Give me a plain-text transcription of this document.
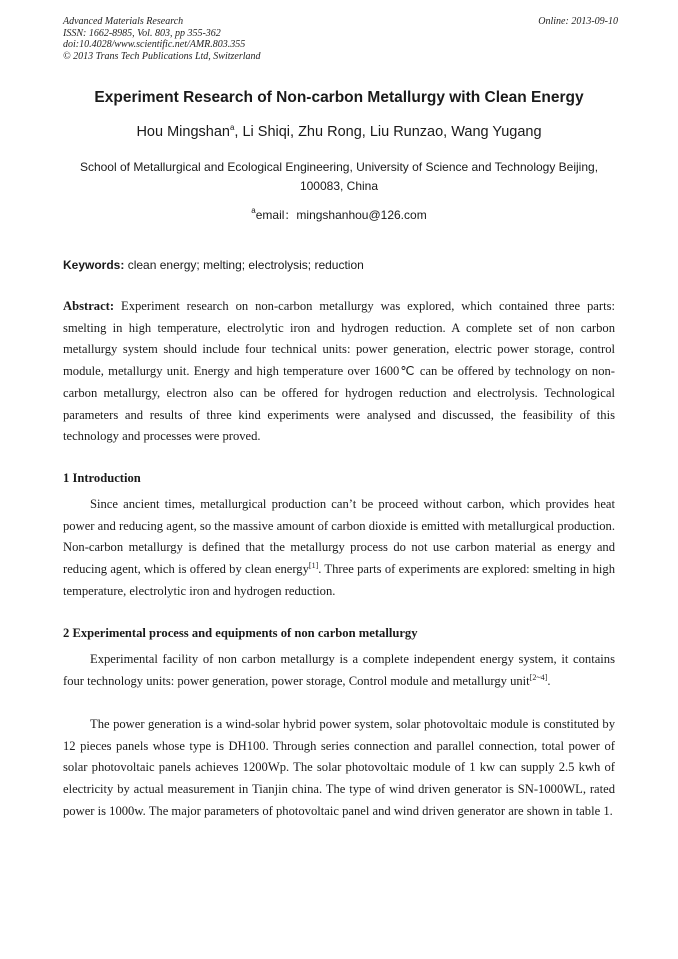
Advanced Materials Research
ISSN: 1662-8985, Vol. 803, pp 355-362
doi:10.4028/www.scientific.net/AMR.803.355
© 2013 Trans Tech Publications Ltd, Switzerland
Online: 2013-09-10
Experiment Research of Non-carbon Metallurgy with Clean Energy
Hou Mingshan$^a$, Li Shiqi, Zhu Rong, Liu Runzao, Wang Yugang
School of Metallurgical and Ecological Engineering, University of Science and Technology Beijing, 100083, China
$^a$email：mingshanhou@126.com
Keywords: clean energy; melting; electrolysis; reduction
Abstract: Experiment research on non-carbon metallurgy was explored, which contained three parts: smelting in high temperature, electrolytic iron and hydrogen reduction. A complete set of non carbon metallurgy system should include four technical units: power generation, electric power storage, control module, metallurgy unit. Energy and high temperature over 1600℃ can be offered by technology on non-carbon metallurgy, electron also can be offered for hydrogen reduction and electrolysis. Technological parameters and results of three kind experiments were analysed and discussed, the feasibility of this technology and processes were proved.
1 Introduction
Since ancient times, metallurgical production can’t be proceed without carbon, which provides heat power and reducing agent, so the massive amount of carbon dioxide is emitted with metallurgical production. Non-carbon metallurgy is defined that the metallurgy process do not use carbon material as energy and reducing agent, which is offered by clean energy[1]. Three parts of experiments are explored: smelting in high temperature, electrolytic iron and hydrogen reduction.
2 Experimental process and equipments of non carbon metallurgy
Experimental facility of non carbon metallurgy is a complete independent energy system, it contains four technology units: power generation, power storage, Control module and metallurgy unit[2~4].
The power generation is a wind-solar hybrid power system, solar photovoltaic module is constituted by 12 pieces panels whose type is DH100. Through series connection and parallel connection, total power of solar photovoltaic panels achieves 1200Wp. The solar photovoltaic module of 1 kw can supply 2.5 kwh of electricity by actual measurement in Tianjin china. The type of wind driven generator is SN-1000WL, rated power is 1000w. The major parameters of photovoltaic panel and wind driven generator are shown in table 1.
